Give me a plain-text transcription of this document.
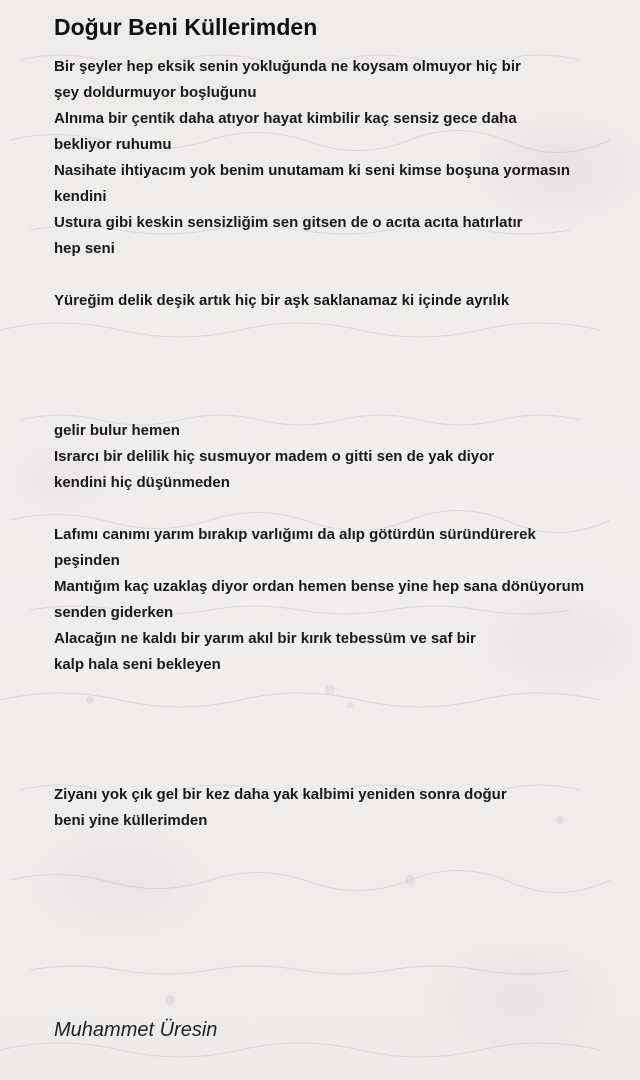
Doğur Beni Küllerimden
Bir şeyler hep eksik senin yokluğunda ne koysam olmuyor hiç bir
şey doldurmuyor boşluğunu
Alnıma bir çentik daha atıyor hayat kimbilir kaç sensiz gece daha
bekliyor ruhumu
Nasihate ihtiyacım yok benim unutamam ki seni kimse boşuna yormasın
kendini
Ustura gibi keskin sensizliğim sen gitsen de o acıta acıta hatırlatır
hep seni
Yüreğim delik deşik artık hiç bir aşk saklanamaz ki içinde ayrılık
gelir bulur hemen
Israrcı bir delilik hiç susmuyor madem o gitti sen de yak diyor
kendini hiç düşünmeden
Lafımı canımı yarım bırakıp varlığımı da alıp götürdün süründürerek
peşinden
Mantığım kaç uzaklaş diyor ordan hemen bense yine hep sana dönüyorum
senden giderken
Alacağın ne kaldı bir yarım akıl bir kırık tebessüm ve saf bir
kalp hala seni bekleyen
Ziyanı yok çık gel bir kez daha yak kalbimi yeniden sonra doğur
beni yine küllerimden
Muhammet Üresin
